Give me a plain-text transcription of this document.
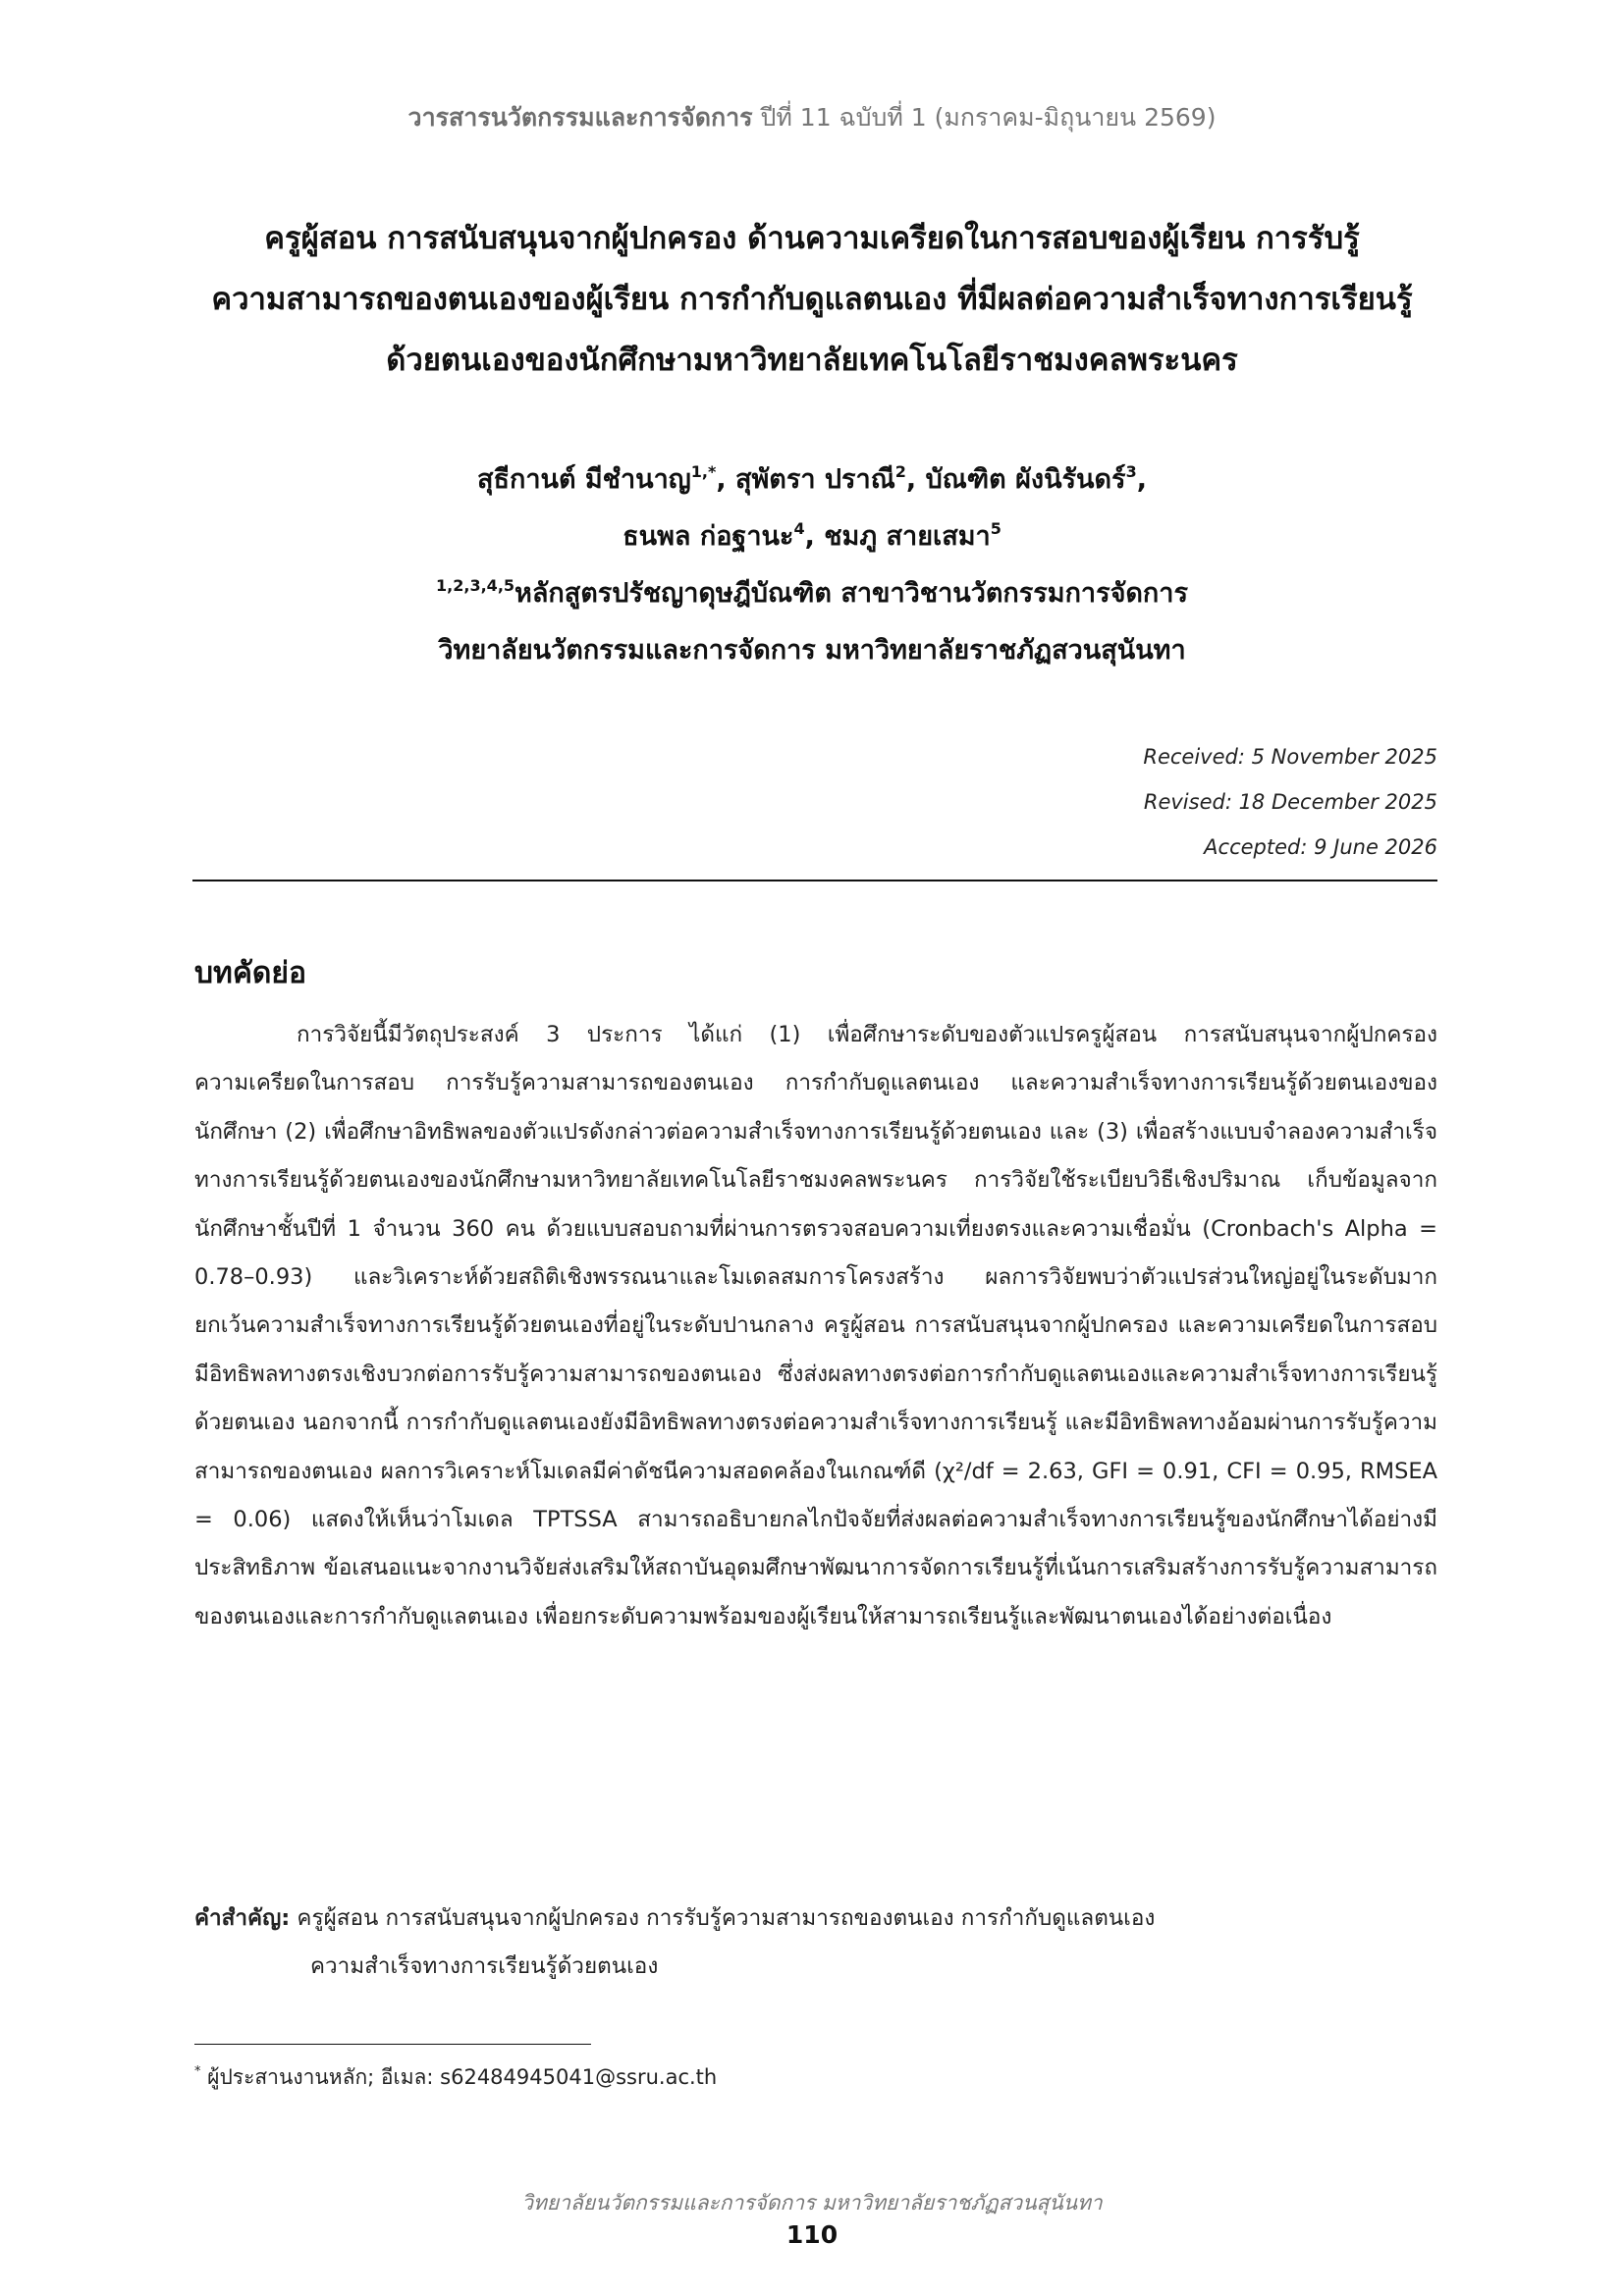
วารสารนวัตกรรมและการจัดการ ปีที่ 11 ฉบับที่ 1 (มกราคม-มิถุนายน 2569)
ครูผู้สอน การสนับสนุนจากผู้ปกครอง ด้านความเครียดในการสอบของผู้เรียน การรับรู้
ความสามารถของตนเองของผู้เรียน การกำกับดูแลตนเอง ที่มีผลต่อความสำเร็จทางการเรียนรู้
ด้วยตนเองของนักศึกษามหาวิทยาลัยเทคโนโลยีราชมงคลพระนคร
สุธีกานต์ มีชำนาญ$^{1,*}$, สุพัตรา ปราณี$^2$, บัณฑิต ผังนิรันดร์$^3$,
ธนพล ก่อฐานะ$^4$, ชมภู สายเสมา$^5$
$^{1,2,3,4,5}$หลักสูตรปรัชญาดุษฎีบัณฑิต สาขาวิชานวัตกรรมการจัดการ
วิทยาลัยนวัตกรรมและการจัดการ มหาวิทยาลัยราชภัฏสวนสุนันทา
Received: 5 November 2025
Revised: 18 December 2025
Accepted: 9 June 2026
บทคัดย่อ

การวิจัยนี้มีวัตถุประสงค์ 3 ประการ ได้แก่ (1) เพื่อศึกษาระดับของตัวแปรครูผู้สอน การสนับสนุนจากผู้ปกครอง ความเครียดในการสอบ การรับรู้ความสามารถของตนเอง การกำกับดูแลตนเอง และความสำเร็จทางการเรียนรู้ด้วยตนเองของนักศึกษา (2) เพื่อศึกษาอิทธิพลของตัวแปรดังกล่าวต่อความสำเร็จทางการเรียนรู้ด้วยตนเอง และ (3) เพื่อสร้างแบบจำลองความสำเร็จทางการเรียนรู้ด้วยตนเองของนักศึกษามหาวิทยาลัยเทคโนโลยีราชมงคลพระนคร การวิจัยใช้ระเบียบวิธีเชิงปริมาณ เก็บข้อมูลจากนักศึกษาชั้นปีที่ 1 จำนวน 360 คน ด้วยแบบสอบถามที่ผ่านการตรวจสอบความเที่ยงตรงและความเชื่อมั่น (Cronbach's Alpha = 0.78–0.93) และวิเคราะห์ด้วยสถิติเชิงพรรณนาและโมเดลสมการโครงสร้าง ผลการวิจัยพบว่าตัวแปรส่วนใหญ่อยู่ในระดับมาก ยกเว้นความสำเร็จทางการเรียนรู้ด้วยตนเองที่อยู่ในระดับปานกลาง ครูผู้สอน การสนับสนุนจากผู้ปกครอง และความเครียดในการสอบมีอิทธิพลทางตรงเชิงบวกต่อการรับรู้ความสามารถของตนเอง ซึ่งส่งผลทางตรงต่อการกำกับดูแลตนเองและความสำเร็จทางการเรียนรู้ด้วยตนเอง นอกจากนี้ การกำกับดูแลตนเองยังมีอิทธิพลทางตรงต่อความสำเร็จทางการเรียนรู้ และมีอิทธิพลทางอ้อมผ่านการรับรู้ความสามารถของตนเอง ผลการวิเคราะห์โมเดลมีค่าดัชนีความสอดคล้องในเกณฑ์ดี (χ²/df = 2.63, GFI = 0.91, CFI = 0.95, RMSEA = 0.06) แสดงให้เห็นว่าโมเดล TPTSSA สามารถอธิบายกลไกปัจจัยที่ส่งผลต่อความสำเร็จทางการเรียนรู้ของนักศึกษาได้อย่างมีประสิทธิภาพ ข้อเสนอแนะจากงานวิจัยส่งเสริมให้สถาบันอุดมศึกษาพัฒนาการจัดการเรียนรู้ที่เน้นการเสริมสร้างการรับรู้ความสามารถของตนเองและการกำกับดูแลตนเอง เพื่อยกระดับความพร้อมของผู้เรียนให้สามารถเรียนรู้และพัฒนาตนเองได้อย่างต่อเนื่อง

คำสำคัญ: ครูผู้สอน การสนับสนุนจากผู้ปกครอง การรับรู้ความสามารถของตนเอง การกำกับดูแลตนเอง
ความสำเร็จทางการเรียนรู้ด้วยตนเอง
* ผู้ประสานงานหลัก; อีเมล: s62484945041@ssru.ac.th
วิทยาลัยนวัตกรรมและการจัดการ มหาวิทยาลัยราชภัฏสวนสุนันทา
110
